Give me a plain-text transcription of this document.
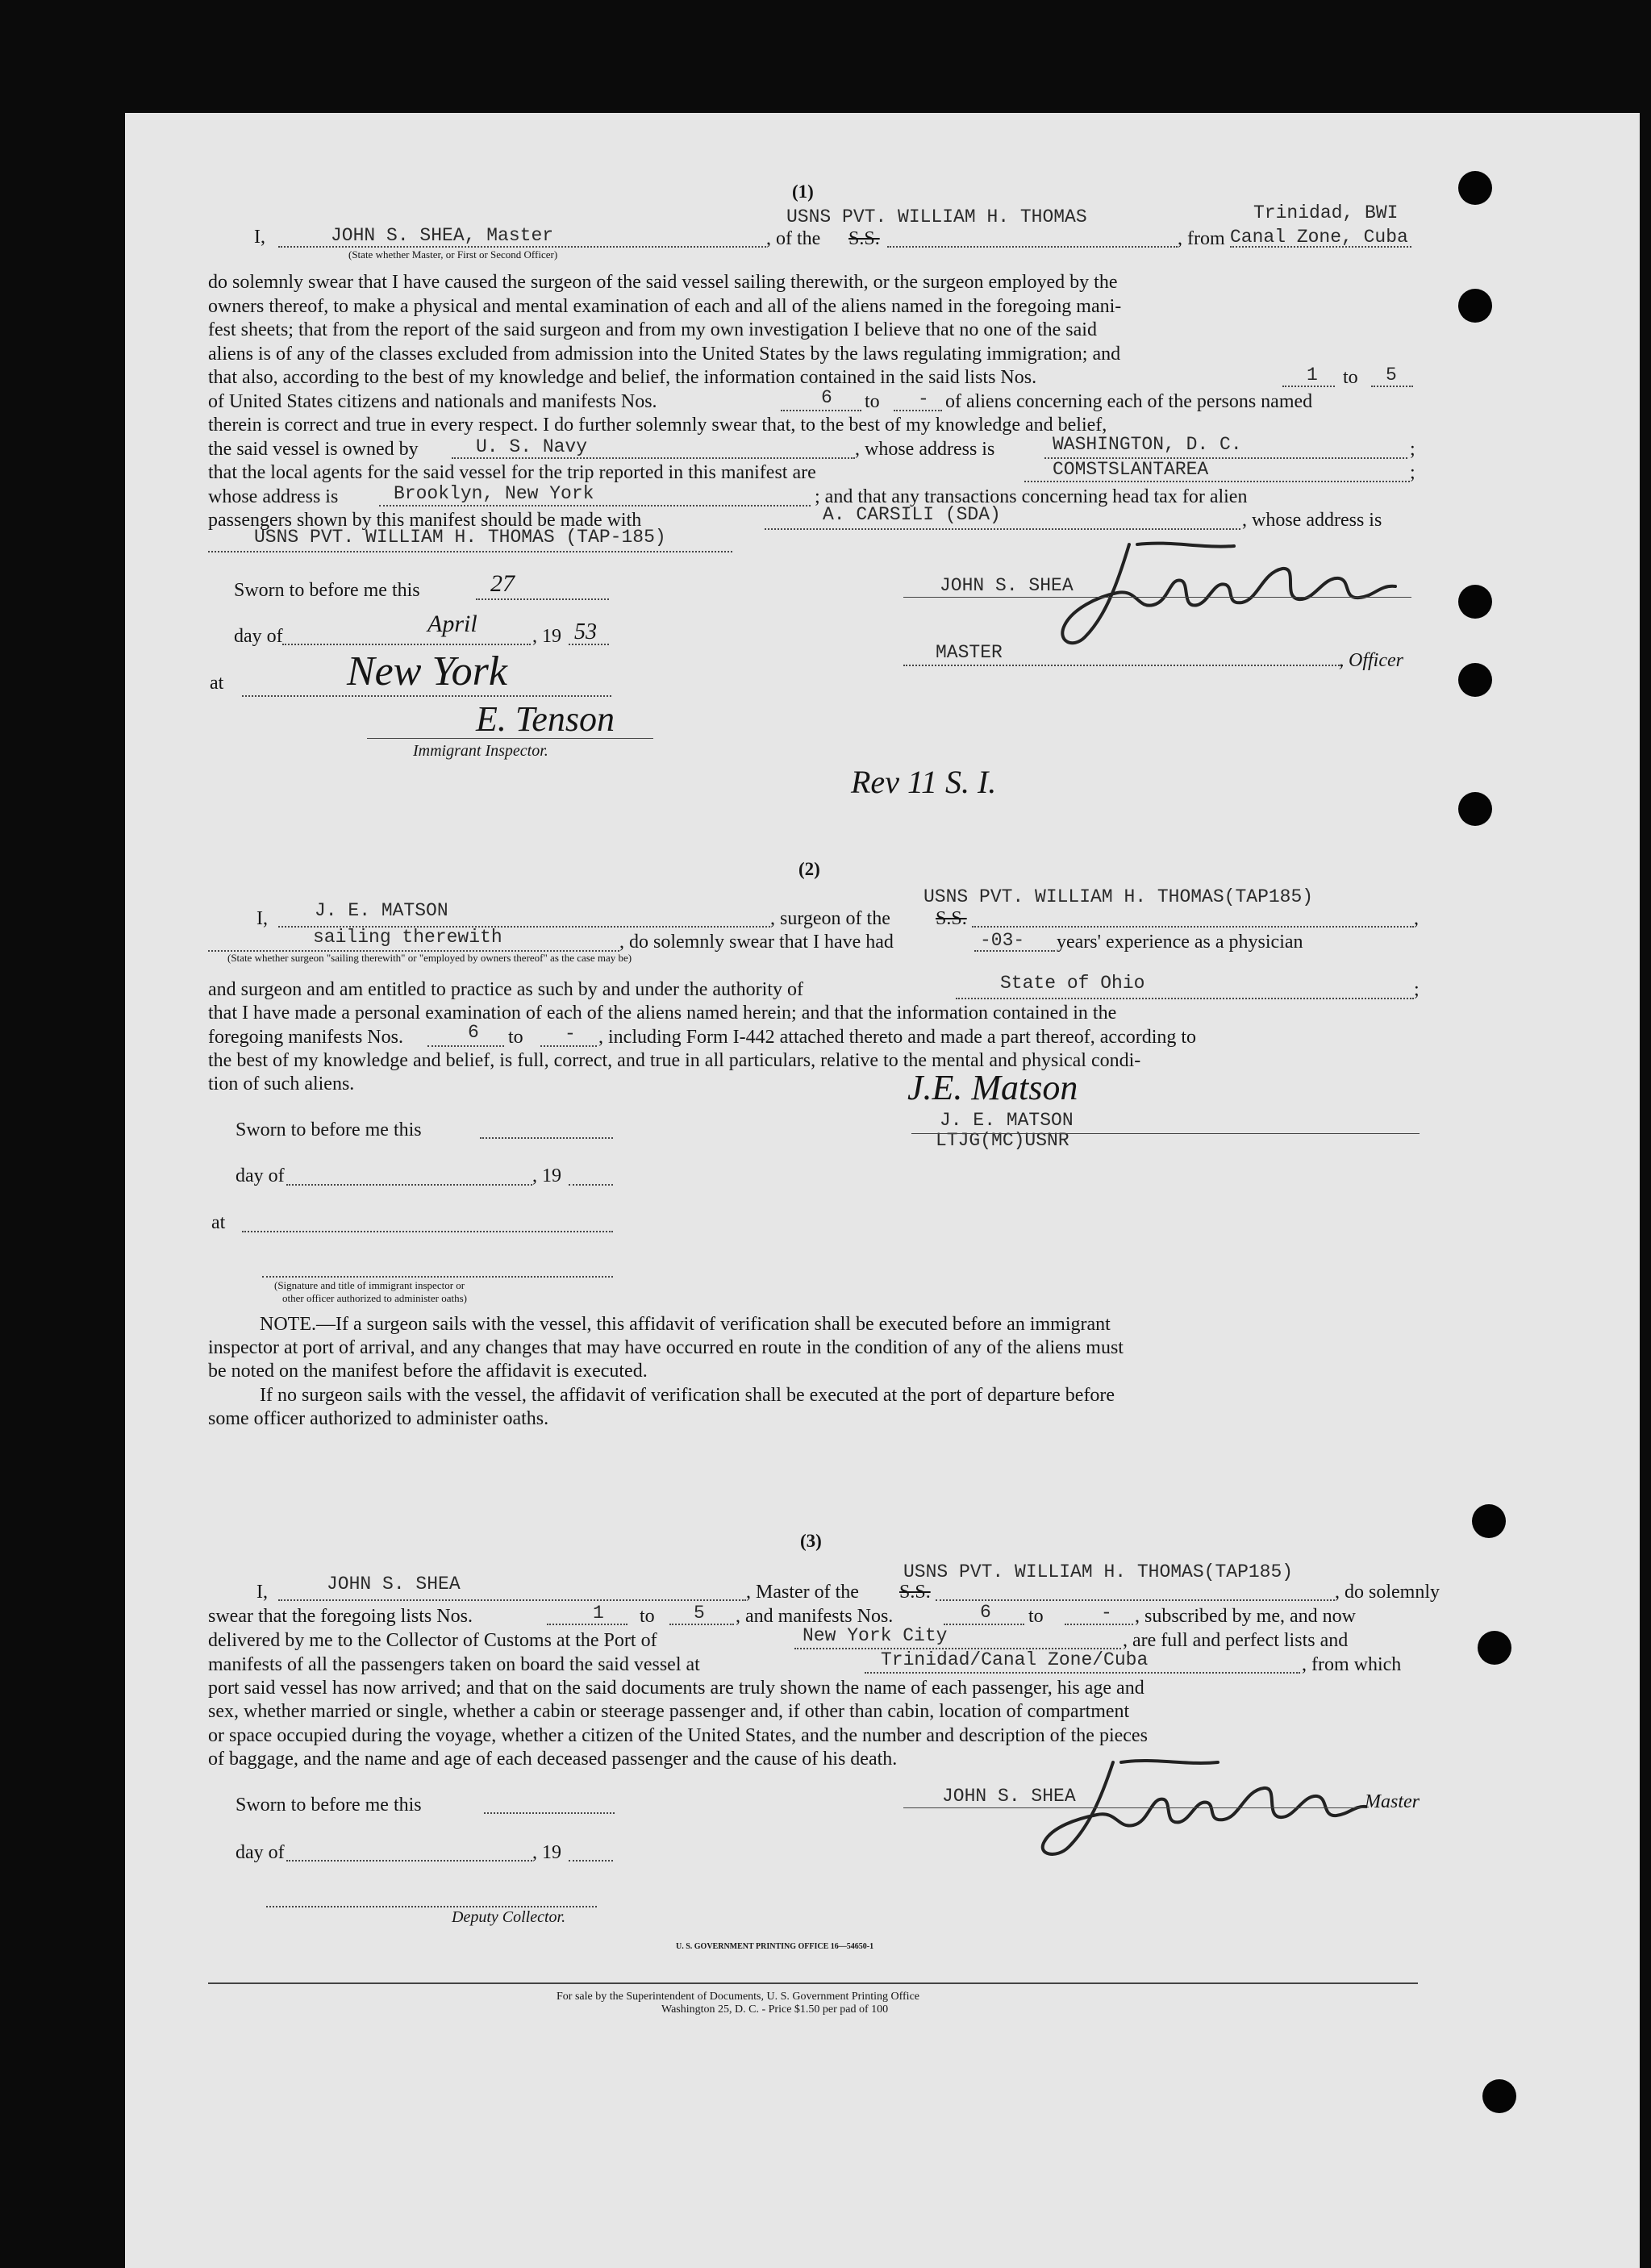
(1)
I,	JOHN S. SHEA, Master	, of the S.S.
USNS PVT. WILLIAM H. THOMAS
, from
Trinidad, BWI
Canal Zone, Cuba
(State whether Master, or First or Second Officer)
do solemnly swear that I have caused the surgeon of the said vessel sailing therewith, or the surgeon employed by the
owners thereof, to make a physical and mental examination of each and all of the aliens named in the foregoing mani-
fest sheets; that from the report of the said surgeon and from my own investigation I believe that no one of the said
aliens is of any of the classes excluded from admission into the United States by the laws regulating immigration; and
that also, according to the best of my knowledge and belief, the information contained in the said lists Nos.	1 to 5
of United States citizens and nationals and manifests Nos.	6 to - of aliens concerning each of the persons named
therein is correct and true in every respect. I do further solemnly swear that, to the best of my knowledge and belief,
the said vessel is owned by	U. S. Navy	, whose address is	WASHINGTON, D. C.	;
that the local agents for the said vessel for the trip reported in this manifest are	COMSTSLANTAREA	;
whose address is	Brooklyn, New York	; and that any transactions concerning head tax for alien
passengers shown by this manifest should be made with	A. CARSILI (SDA)	, whose address is
USNS PVT. WILLIAM H. THOMAS (TAP-185)
Sworn to before me this	27
day of	April	, 19 53
at	New York
E. Tenson
Immigrant Inspector.
JOHN S. SHEA
MASTER	, Officer
Rev 11 S. I.
(2)
I,	J. E. MATSON	, surgeon of the S.S.
USNS PVT. WILLIAM H. THOMAS(TAP185)
,
sailing therewith	, do solemnly swear that I have had	-03- years' experience as a physician
(State whether surgeon "sailing therewith" or "employed by owners thereof" as the case may be)
and surgeon and am entitled to practice as such by and under the authority of	State of Ohio	;
that I have made a personal examination of each of the aliens named herein; and that the information contained in the
foregoing manifests Nos.	6 to - , including Form I-442 attached thereto and made a part thereof, according to
the best of my knowledge and belief, is full, correct, and true in all particulars, relative to the mental and physical condi-
tion of such aliens.	J.E. Matson
J. E. MATSON
LTJG(MC)USNR
Sworn to before me this
day of	, 19
at
(Signature and title of immigrant inspector or
other officer authorized to administer oaths)
NOTE.—If a surgeon sails with the vessel, this affidavit of verification shall be executed before an immigrant
inspector at port of arrival, and any changes that may have occurred en route in the condition of any of the aliens must
be noted on the manifest before the affidavit is executed.
If no surgeon sails with the vessel, the affidavit of verification shall be executed at the port of departure before
some officer authorized to administer oaths.
(3)
I,	JOHN S. SHEA	, Master of the S.S.
USNS PVT. WILLIAM H. THOMAS(TAP185)
, do solemnly
swear that the foregoing lists Nos.	1 to 5 , and manifests Nos.	6 to	- , subscribed by me, and now
delivered by me to the Collector of Customs at the Port of	New York City	, are full and perfect lists and
manifests of all the passengers taken on board the said vessel at	Trinidad/Canal Zone/Cuba	, from which
port said vessel has now arrived; and that on the said documents are truly shown the name of each passenger, his age and
sex, whether married or single, whether a cabin or steerage passenger and, if other than cabin, location of compartment
or space occupied during the voyage, whether a citizen of the United States, and the number and description of the pieces
of baggage, and the name and age of each deceased passenger and the cause of his death.
Sworn to before me this
day of	, 19
Deputy Collector.
JOHN S. SHEA	Master
U. S. GOVERNMENT PRINTING OFFICE 16—54650-1
For sale by the Superintendent of Documents, U. S. Government Printing Office
Washington 25, D. C. - Price $1.50 per pad of 100
